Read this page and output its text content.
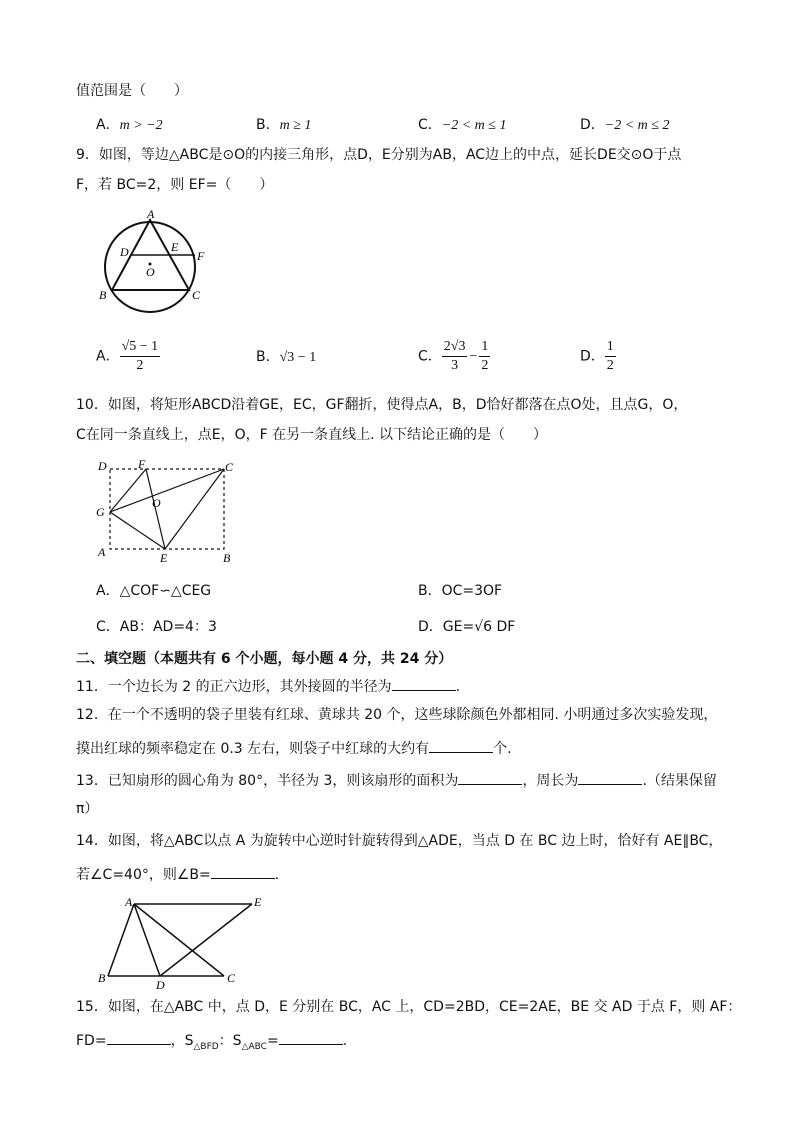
值范围是（　　）
A．m > −2	B．m ≥ 1	C．−2 < m ≤ 1	D．−2 < m ≤ 2
9．如图，等边△ABC是⊙O的内接三角形，点D，E分别为AB，AC边上的中点，延长DE交⊙O于点
F，若 BC=2，则 EF=（　　）
A
D	E
F
O
B	C
A． $\frac{√5 - 1}{2}$	B．√3 − 1	C． $\frac{2√3}{3} - \frac{1}{2}$	D． $\frac{1}{2}$
10．如图，将矩形ABCD沿着GE，EC，GF翻折，使得点A，B，D恰好都落在点O处，且点G，O，
C在同一条直线上，点E，O，F 在另一条直线上. 以下结论正确的是（　　）
D	F	C
O
G
A	E	B
A．△COF∽△CEG	B．OC=3OF
C．AB：AD=4：3	D．GE=√6 DF
二、填空题（本题共有 6 个小题，每小题 4 分，共 24 分）
11．一个边长为 2 的正六边形，其外接圆的半径为	.
12．在一个不透明的袋子里装有红球、黄球共 20 个，这些球除颜色外都相同. 小明通过多次实验发现，
摸出红球的频率稳定在 0.3 左右，则袋子中红球的大约有	个.
13．已知扇形的圆心角为 80°，半径为 3，则该扇形的面积为	，周长为	.（结果保留
π）
14．如图，将△ABC以点 A 为旋转中心逆时针旋转得到△ADE，当点 D 在 BC 边上时，恰好有 AE∥BC，
若∠C=40°，则∠B=	.
A	E
B	D	C
15．如图，在△ABC 中，点 D，E 分别在 BC，AC 上，CD=2BD，CE=2AE，BE 交 AD 于点 F，则 AF：
FD=	，$S_{\triangle BFD}$：$S_{\triangle ABC}=$	.
